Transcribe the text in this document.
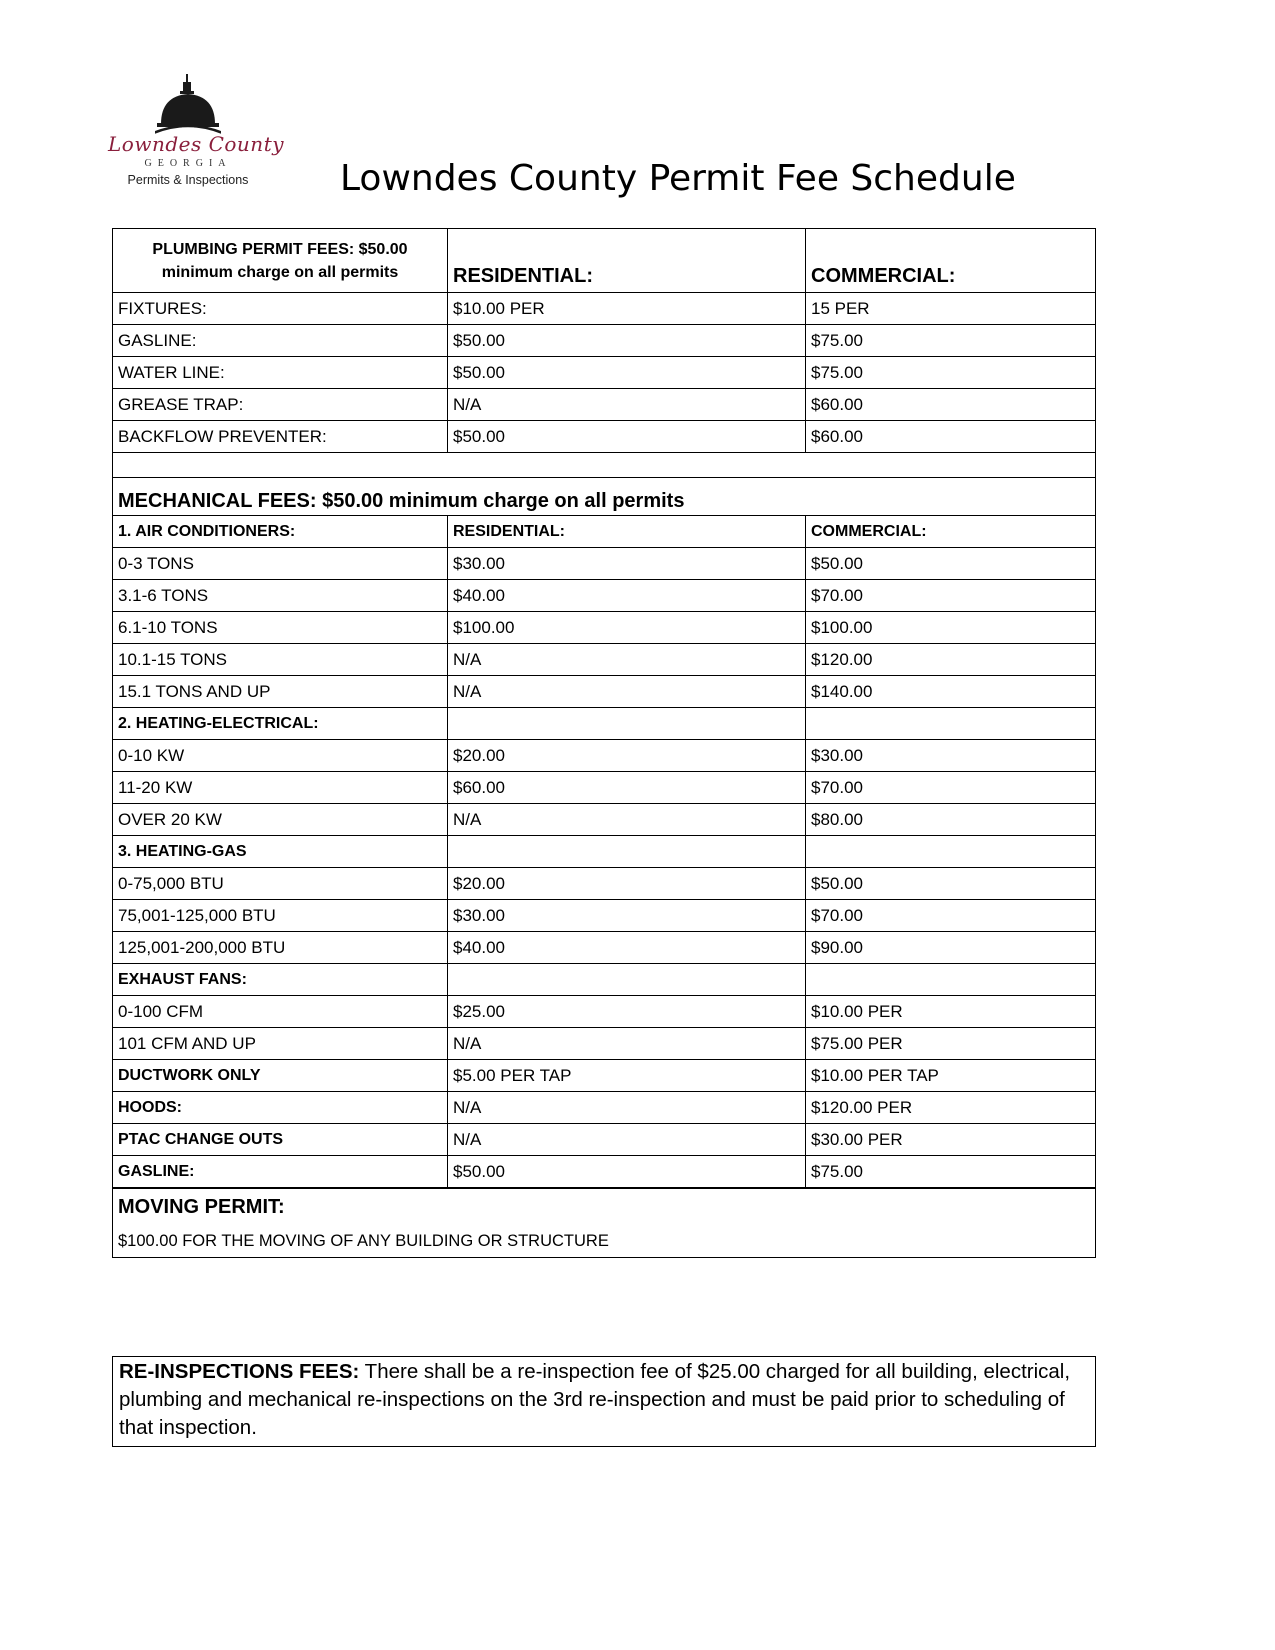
Lowndes County
GEORGIA
Permits & Inspections	Lowndes County Permit Fee Schedule
PLUMBING PERMIT FEES: $50.00 minimum charge on all permits	RESIDENTIAL:	COMMERCIAL:
FIXTURES:	$10.00 PER	15 PER
GASLINE:	$50.00	$75.00
WATER LINE:	$50.00	$75.00
GREASE TRAP:	N/A	$60.00
BACKFLOW PREVENTER:	$50.00	$60.00

MECHANICAL FEES: $50.00 minimum charge on all permits		
1. AIR CONDITIONERS:	RESIDENTIAL:	COMMERCIAL:
0-3 TONS	$30.00	$50.00
3.1-6 TONS	$40.00	$70.00
6.1-10 TONS	$100.00	$100.00
10.1-15 TONS	N/A	$120.00
15.1 TONS AND UP	N/A	$140.00
2. HEATING-ELECTRICAL:		
0-10 KW	$20.00	$30.00
11-20 KW	$60.00	$70.00
OVER 20 KW	N/A	$80.00
3. HEATING-GAS		
0-75,000 BTU	$20.00	$50.00
75,001-125,000 BTU	$30.00	$70.00
125,001-200,000 BTU	$40.00	$90.00
EXHAUST FANS:		
0-100 CFM	$25.00	$10.00 PER
101 CFM AND UP	N/A	$75.00 PER
DUCTWORK ONLY	$5.00 PER TAP	$10.00 PER TAP
HOODS:	N/A	$120.00 PER
PTAC CHANGE OUTS	N/A	$30.00 PER
GASLINE:	$50.00	$75.00
MOVING PERMIT:		
$100.00 FOR THE MOVING OF ANY BUILDING OR STRUCTURE		
RE-INSPECTIONS FEES: There shall be a re-inspection fee of $25.00 charged for all building, electrical, plumbing and mechanical re-inspections on the 3rd re-inspection and must be paid prior to scheduling of that inspection.
